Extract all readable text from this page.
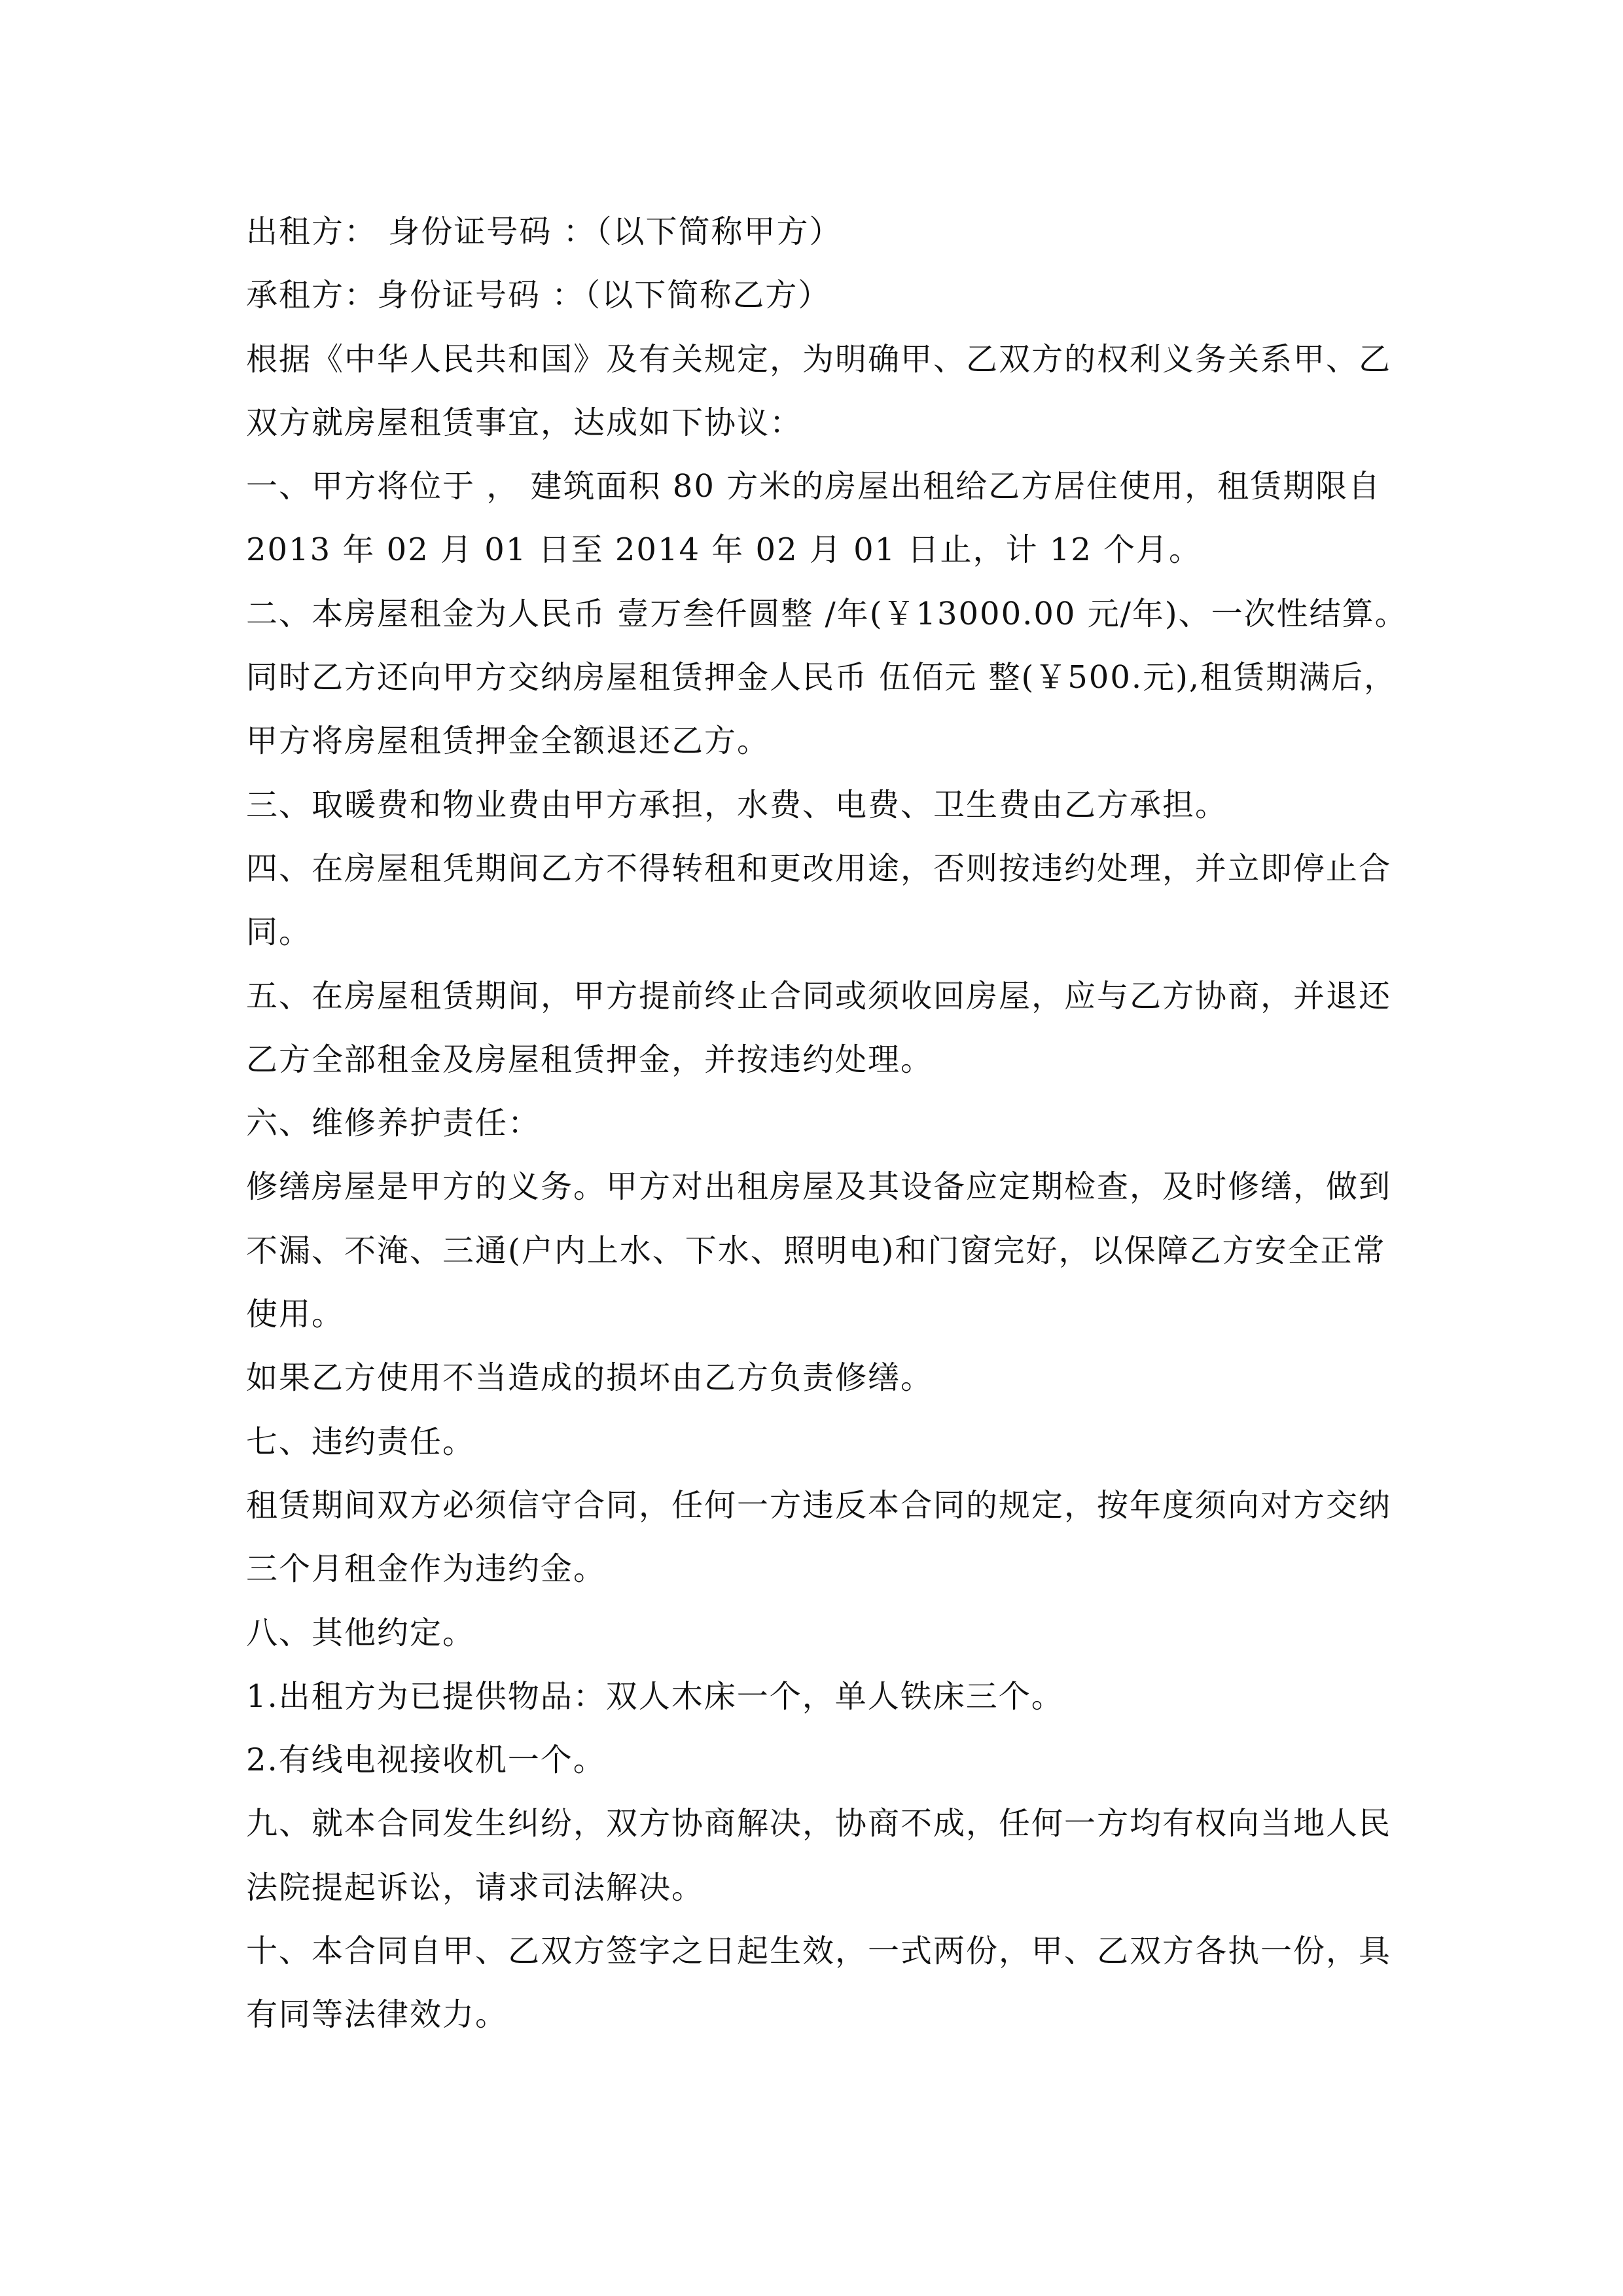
出租方： 身份证号码 ：（以下简称甲方）
承租方：身份证号码 ：（以下简称乙方）
根据《中华人民共和国》及有关规定，为明确甲、乙双方的权利义务关系甲、乙
双方就房屋租赁事宜，达成如下协议：
一、甲方将位于 ， 建筑面积 80 方米的房屋出租给乙方居住使用，租赁期限自
2013 年 02 月 01 日至 2014 年 02 月 01 日止，计 12 个月。
二、本房屋租金为人民币 壹万叁仟圆整 /年(￥13000.00 元/年)、一次性结算。
同时乙方还向甲方交纳房屋租赁押金人民币 伍佰元 整(￥500.元),租赁期满后，
甲方将房屋租赁押金全额退还乙方。
三、取暖费和物业费由甲方承担，水费、电费、卫生费由乙方承担。
四、在房屋租凭期间乙方不得转租和更改用途，否则按违约处理，并立即停止合
同。
五、在房屋租赁期间，甲方提前终止合同或须收回房屋，应与乙方协商，并退还
乙方全部租金及房屋租赁押金，并按违约处理。
六、维修养护责任：
修缮房屋是甲方的义务。甲方对出租房屋及其设备应定期检查，及时修缮，做到
不漏、不淹、三通(户内上水、下水、照明电)和门窗完好，以保障乙方安全正常
使用。
如果乙方使用不当造成的损坏由乙方负责修缮。
七、违约责任。
租赁期间双方必须信守合同，任何一方违反本合同的规定，按年度须向对方交纳
三个月租金作为违约金。
八、其他约定。
1.出租方为已提供物品：双人木床一个，单人铁床三个。
2.有线电视接收机一个。
九、就本合同发生纠纷，双方协商解决，协商不成，任何一方均有权向当地人民
法院提起诉讼，请求司法解决。
十、本合同自甲、乙双方签字之日起生效，一式两份，甲、乙双方各执一份，具
有同等法律效力。
